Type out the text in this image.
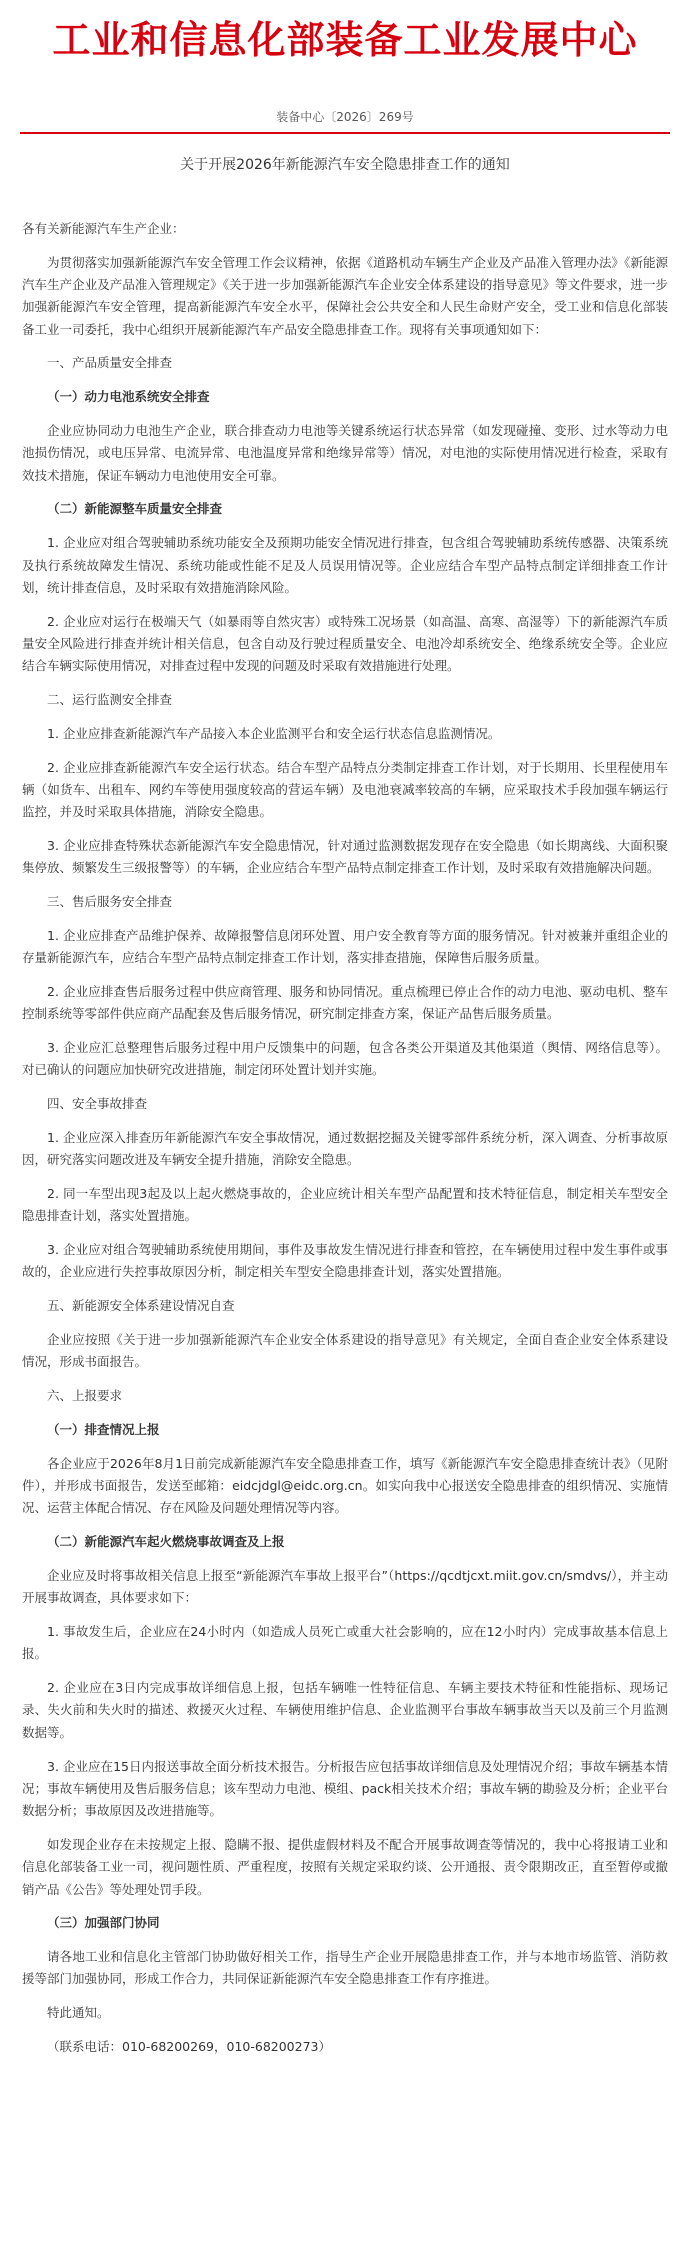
工业和信息化部装备工业发展中心
装备中心〔2026〕269号
关于开展2026年新能源汽车安全隐患排查工作的通知

各有关新能源汽车生产企业：

为贯彻落实加强新能源汽车安全管理工作会议精神，依据《道路机动车辆生产企业及产品准入管理办法》《新能源汽车生产企业及产品准入管理规定》《关于进一步加强新能源汽车企业安全体系建设的指导意见》等文件要求，进一步加强新能源汽车安全管理，提高新能源汽车安全水平，保障社会公共安全和人民生命财产安全，受工业和信息化部装备工业一司委托，我中心组织开展新能源汽车产品安全隐患排查工作。现将有关事项通知如下：

一、产品质量安全排查

（一）动力电池系统安全排查

企业应协同动力电池生产企业，联合排查动力电池等关键系统运行状态异常（如发现碰撞、变形、过水等动力电池损伤情况，或电压异常、电流异常、电池温度异常和绝缘异常等）情况，对电池的实际使用情况进行检查，采取有效技术措施，保证车辆动力电池使用安全可靠。

（二）新能源整车质量安全排查

1. 企业应对组合驾驶辅助系统功能安全及预期功能安全情况进行排查，包含组合驾驶辅助系统传感器、决策系统及执行系统故障发生情况、系统功能或性能不足及人员误用情况等。企业应结合车型产品特点制定详细排查工作计划，统计排查信息，及时采取有效措施消除风险。

2. 企业应对运行在极端天气（如暴雨等自然灾害）或特殊工况场景（如高温、高寒、高湿等）下的新能源汽车质量安全风险进行排查并统计相关信息，包含自动及行驶过程质量安全、电池冷却系统安全、绝缘系统安全等。企业应结合车辆实际使用情况，对排查过程中发现的问题及时采取有效措施进行处理。

二、运行监测安全排查

1. 企业应排查新能源汽车产品接入本企业监测平台和安全运行状态信息监测情况。

2. 企业应排查新能源汽车安全运行状态。结合车型产品特点分类制定排查工作计划，对于长期用、长里程使用车辆（如货车、出租车、网约车等使用强度较高的营运车辆）及电池衰减率较高的车辆，应采取技术手段加强车辆运行监控，并及时采取具体措施，消除安全隐患。

3. 企业应排查特殊状态新能源汽车安全隐患情况，针对通过监测数据发现存在安全隐患（如长期离线、大面积聚集停放、频繁发生三级报警等）的车辆，企业应结合车型产品特点制定排查工作计划，及时采取有效措施解决问题。

三、售后服务安全排查

1. 企业应排查产品维护保养、故障报警信息闭环处置、用户安全教育等方面的服务情况。针对被兼并重组企业的存量新能源汽车，应结合车型产品特点制定排查工作计划，落实排查措施，保障售后服务质量。

2. 企业应排查售后服务过程中供应商管理、服务和协同情况。重点梳理已停止合作的动力电池、驱动电机、整车控制系统等零部件供应商产品配套及售后服务情况，研究制定排查方案，保证产品售后服务质量。

3. 企业应汇总整理售后服务过程中用户反馈集中的问题，包含各类公开渠道及其他渠道（舆情、网络信息等）。对已确认的问题应加快研究改进措施，制定闭环处置计划并实施。

四、安全事故排查

1. 企业应深入排查历年新能源汽车安全事故情况，通过数据挖掘及关键零部件系统分析，深入调查、分析事故原因，研究落实问题改进及车辆安全提升措施，消除安全隐患。

2. 同一车型出现3起及以上起火燃烧事故的，企业应统计相关车型产品配置和技术特征信息，制定相关车型安全隐患排查计划，落实处置措施。

3. 企业应对组合驾驶辅助系统使用期间，事件及事故发生情况进行排查和管控，在车辆使用过程中发生事件或事故的，企业应进行失控事故原因分析，制定相关车型安全隐患排查计划，落实处置措施。

五、新能源安全体系建设情况自查

企业应按照《关于进一步加强新能源汽车企业安全体系建设的指导意见》有关规定，全面自查企业安全体系建设情况，形成书面报告。

六、上报要求

（一）排查情况上报

各企业应于2026年8月1日前完成新能源汽车安全隐患排查工作，填写《新能源汽车安全隐患排查统计表》（见附件），并形成书面报告，发送至邮箱：eidcjdgl@eidc.org.cn。如实向我中心报送安全隐患排查的组织情况、实施情况、运营主体配合情况、存在风险及问题处理情况等内容。

（二）新能源汽车起火燃烧事故调查及上报

企业应及时将事故相关信息上报至“新能源汽车事故上报平台”（https://qcdtjcxt.miit.gov.cn/smdvs/），并主动开展事故调查，具体要求如下：

1. 事故发生后，企业应在24小时内（如造成人员死亡或重大社会影响的，应在12小时内）完成事故基本信息上报。

2. 企业应在3日内完成事故详细信息上报，包括车辆唯一性特征信息、车辆主要技术特征和性能指标、现场记录、失火前和失火时的描述、救援灭火过程、车辆使用维护信息、企业监测平台事故车辆事故当天以及前三个月监测数据等。

3. 企业应在15日内报送事故全面分析技术报告。分析报告应包括事故详细信息及处理情况介绍；事故车辆基本情况；事故车辆使用及售后服务信息；该车型动力电池、模组、pack相关技术介绍；事故车辆的勘验及分析；企业平台数据分析；事故原因及改进措施等。

如发现企业存在未按规定上报、隐瞒不报、提供虚假材料及不配合开展事故调查等情况的，我中心将报请工业和信息化部装备工业一司，视问题性质、严重程度，按照有关规定采取约谈、公开通报、责令限期改正，直至暂停或撤销产品《公告》等处理处罚手段。

（三）加强部门协同

请各地工业和信息化主管部门协助做好相关工作，指导生产企业开展隐患排查工作，并与本地市场监管、消防救援等部门加强协同，形成工作合力，共同保证新能源汽车安全隐患排查工作有序推进。

特此通知。

（联系电话：010-68200269，010-68200273）
